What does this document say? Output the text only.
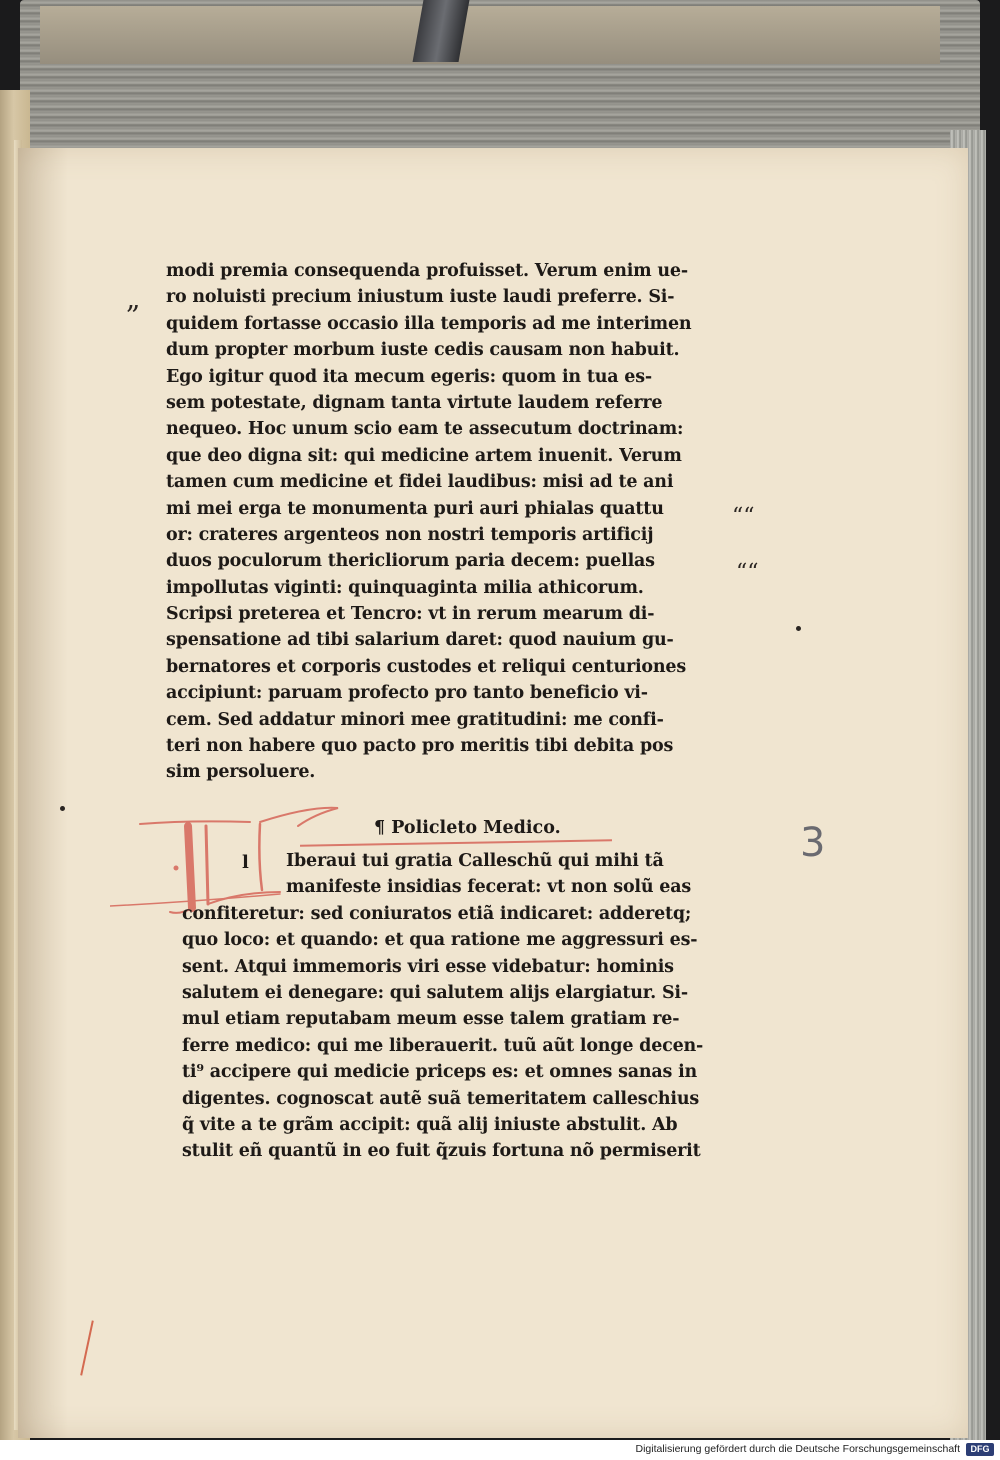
modi premia consequenda profuisset. Verum enim ue-
ro noluisti precium iniustum iuste laudi preferre. Si-
quidem fortasse occasio illa temporis ad me interimen
dum propter morbum iuste cedis causam non habuit.
Ego igitur quod ita mecum egeris: quom in tua es-
sem potestate, dignam tanta virtute laudem referre
nequeo. Hoc unum scio eam te assecutum doctrinam:
que deo digna sit: qui medicine artem inuenit. Verum
tamen cum medicine et fidei laudibus: misi ad te ani
mi mei erga te monumenta puri auri phialas quattu
or: crateres argenteos non nostri temporis artificij
duos poculorum thericliorum paria decem: puellas
impollutas viginti: quinquaginta milia athicorum.
Scripsi preterea et Tencro: vt in rerum mearum di-
spensatione ad tibi salarium daret: quod nauium gu-
bernatores et corporis custodes et reliqui centuriones
accipiunt: paruam profecto pro tanto beneficio vi-
cem. Sed addatur minori mee gratitudini: me confi-
teri non habere quo pacto pro meritis tibi debita pos
sim persoluere.
¶ Policleto Medico.
l	Iberaui tui gratia Calleschũ qui mihi tã
manifeste insidias fecerat: vt non solũ eas
confiteretur: sed coniuratos etiã indicaret: adderetq;
quo loco: et quando: et qua ratione me aggressuri es-
sent. Atqui immemoris viri esse videbatur: hominis
salutem ei denegare: qui salutem alijs elargiatur. Si-
mul etiam reputabam meum esse talem gratiam re-
ferre medico: qui me liberauerit. tuũ aũt longe decen-
ti⁹ accipere qui medicie priceps es: et omnes sanas in
digentes. cognoscat autẽ suã temeritatem calleschius
q̃ vite a te grãm accipit: quã alij iniuste abstulit. Ab
stulit eñ quantũ in eo fuit q̃zuis fortuna nõ permiserit
„
““
““
3
Digitalisierung gefördert durch die Deutsche Forschungsgemeinschaft	DFG
